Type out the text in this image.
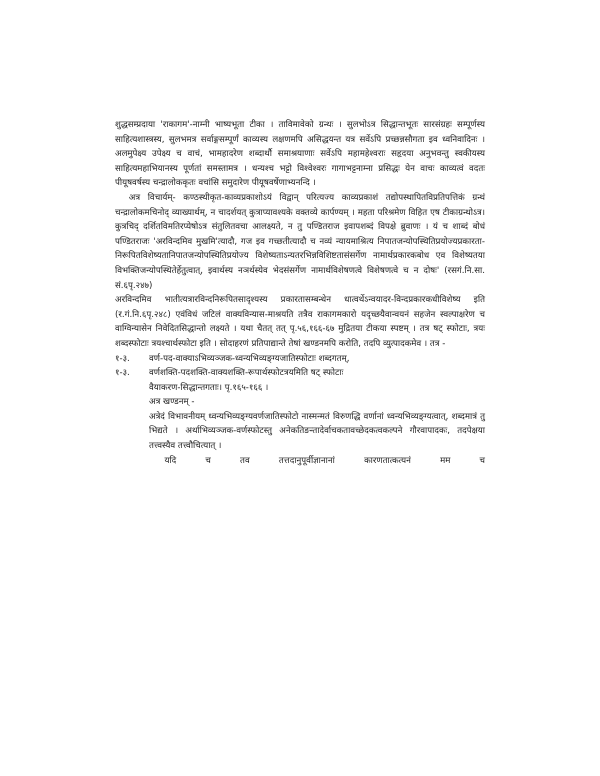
शुद्धसम्प्रदाया 'राकागम'-नाम्नी भाष्यभूता टीका । ताविमावेको ग्रन्थः । सुलभोऽत्र सिद्धान्तभूतः सारसंग्रहः सम्पूर्णस्य साहित्यशास्त्रस्य, सुलभमत्र सर्वाङ्गसम्पूर्णं काव्यस्य लक्षणमपि असिद्धयन्त यत्र सर्वेऽपि प्रच्छन्नसौगता इव ध्वनिवादिनः । अलमुपेक्ष्य उपेक्ष्य च वाचं, भामहादरेण शब्दार्थौ समाश्रयाणाः सर्वेऽपि महामहेश्वराः सहृदया अनुभवन्तु स्वकीयस्य साहित्यमहाभियानस्य पूर्णतां समस्तामत्र । धन्यश्च भट्टो विश्वेश्वरः गागाभट्टनाम्ना प्रसिद्धः येन वाचः काव्यत्वं वदतः पीयूषवर्षस्य चन्द्रालोककृतः वचांसि समुदारेण पीयूषवर्षेणाभ्यनन्दि ।

अत्र विचार्यम्- कण्ठस्थीकृत-काव्यप्रकाशोऽयं विद्वान् परित्यज्य काव्यप्रकाशं तद्योपस्थापितविप्रतिपत्तिकं ग्रन्थं चन्द्रालोकमचिनोद् व्याख्यार्थम्, न चादर्शयत् कुत्राप्यावश्यके वक्तव्ये कार्पण्यम् । महता परिश्रमेण विहित एष टीकाग्रन्थोऽत्र। कुत्रचिद् दर्शितविमतिरप्येषोऽत्र संतुलितवचा आलक्ष्यते, न तु पण्डितराज इवापशब्दं विपक्षे ब्रुवाणः । यं च शाब्दं बोधं पण्डितराजः 'अरविन्दमिव मुखमि'त्यादौ, गज इव गच्छतीत्यादौ च नव्यं न्यायमाश्रित्य निपातजन्योपस्थितिप्रयोज्यप्रकारता-निरूपितविशेष्यतानिपातजन्योपस्थितिप्रयोज्य विशेष्यताऽन्यतरभिन्नविशिष्टतासंसर्गेण नामार्थप्रकारकबोध एव विशेष्यतया विभक्तिजन्योपस्थितेर्हेतुत्वात्, इवार्थस्य नञर्थस्येव भेदसंसर्गेण नामार्थविशेषणत्वे विशेषणत्वे च न दोषः' (रसगं.नि.सा. सं.६पृ.२४७)

अरविन्दमिव भातीत्यत्रारविन्दनिरूपितसादृश्यस्य प्रकारतासम्बन्धेन धात्वर्थेऽन्वयादर-विन्दप्रकारकधीविशेष्य इति (र.गं.नि.६पृ.२४८) एवंविधं जटिलं वाक्यविन्यास-माश्रयति तत्रैव राकागमकारो यदृच्छयैवान्वयनं सहजेन स्वल्पाक्षरेण च वाग्विन्यासेन निवेदितसिद्धान्तो लक्ष्यते । यथा चैतत् तत् पृ.५६,१६६-६७ मुद्रितया टीकया स्पष्टम् । तत्र षट् स्फोटाः, त्रयः शब्दस्फोटाः त्रयश्चार्थस्फोटा इति । सोदाहरणं प्रतिपाद्यान्ते तेषां खण्डनमपि करोति, तदपि व्युत्पादकमेव । तत्र -

१-३.	वर्ण-पद-वाक्याऽभिव्यञ्जक-ध्वन्यभिव्यङ्ग्यजातिस्फोटाः शब्दगतम्,
१-३.	वर्णशक्ति-पदशक्ति-वाक्यशक्ति-रूपार्थस्फोटत्रयमिति षट् स्फोटाः

वैयाकरण-सिद्धान्तगताः। पृ.१६५-१६६ ।

अत्र खण्डनम् -

अत्रेदं विभावनीयम् ध्वन्यभिव्यङ्ग्यवर्णजातिस्फोटो नास्मन्मतं विरुणद्धि वर्णानां ध्वन्यभिव्यङ्ग्यत्वात्, शब्दमात्रं तु भिद्यते । अर्थाभिव्यञ्जक-वर्णस्फोटस्तु अनेकतिङन्तादेर्वाचकतावच्छेदकत्वकल्पने गौरवापादकः, तदपेक्षया तत्त्वस्यैव तत्त्वौचित्यात् ।

यदि च तव तत्तदानुपूर्वीज्ञानानां कारणतात्कत्यनं मम च
